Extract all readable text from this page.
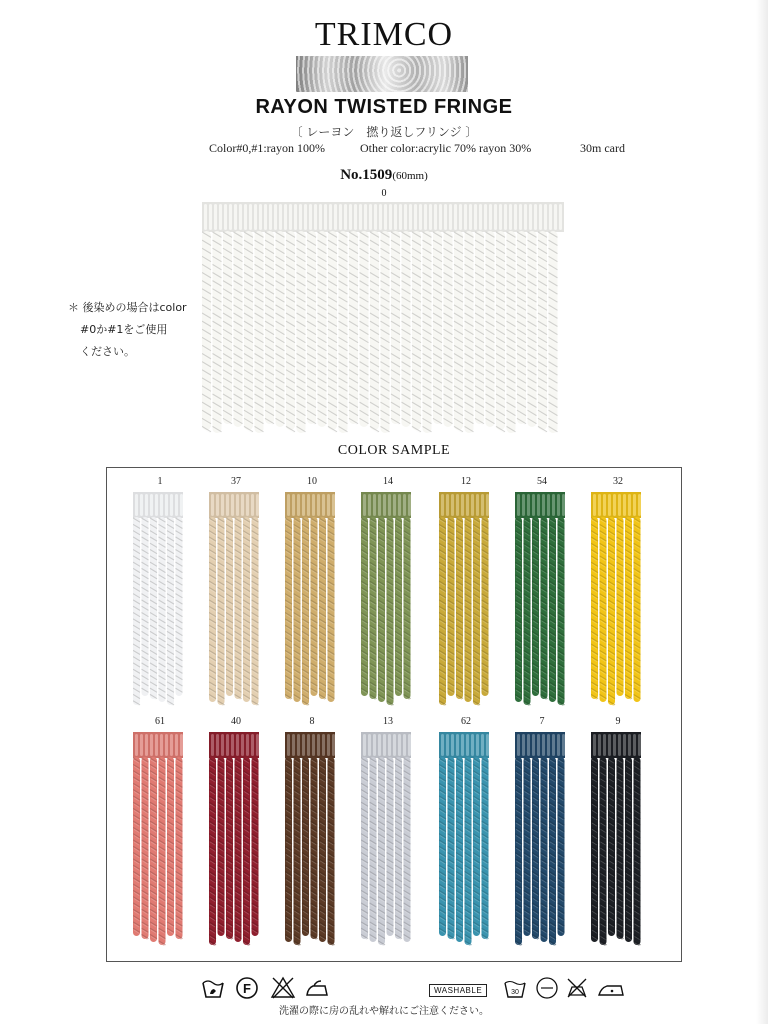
TRIMCO
RAYON TWISTED FRINGE
〔 レーヨン　撚り返しフリンジ 〕
Color#0,#1:rayon 100%	Other color:acrylic 70% rayon 30%	30m card
No.1509(60mm)
0
＊ 後染めの場合はcolor
#0か#1をご使用
ください。
COLOR SAMPLE
1	37	10	14	12	54	32
61	40	8	13	62	7	9
F	30
WASHABLE
洗濯の際に房の乱れや解れにご注意ください。
